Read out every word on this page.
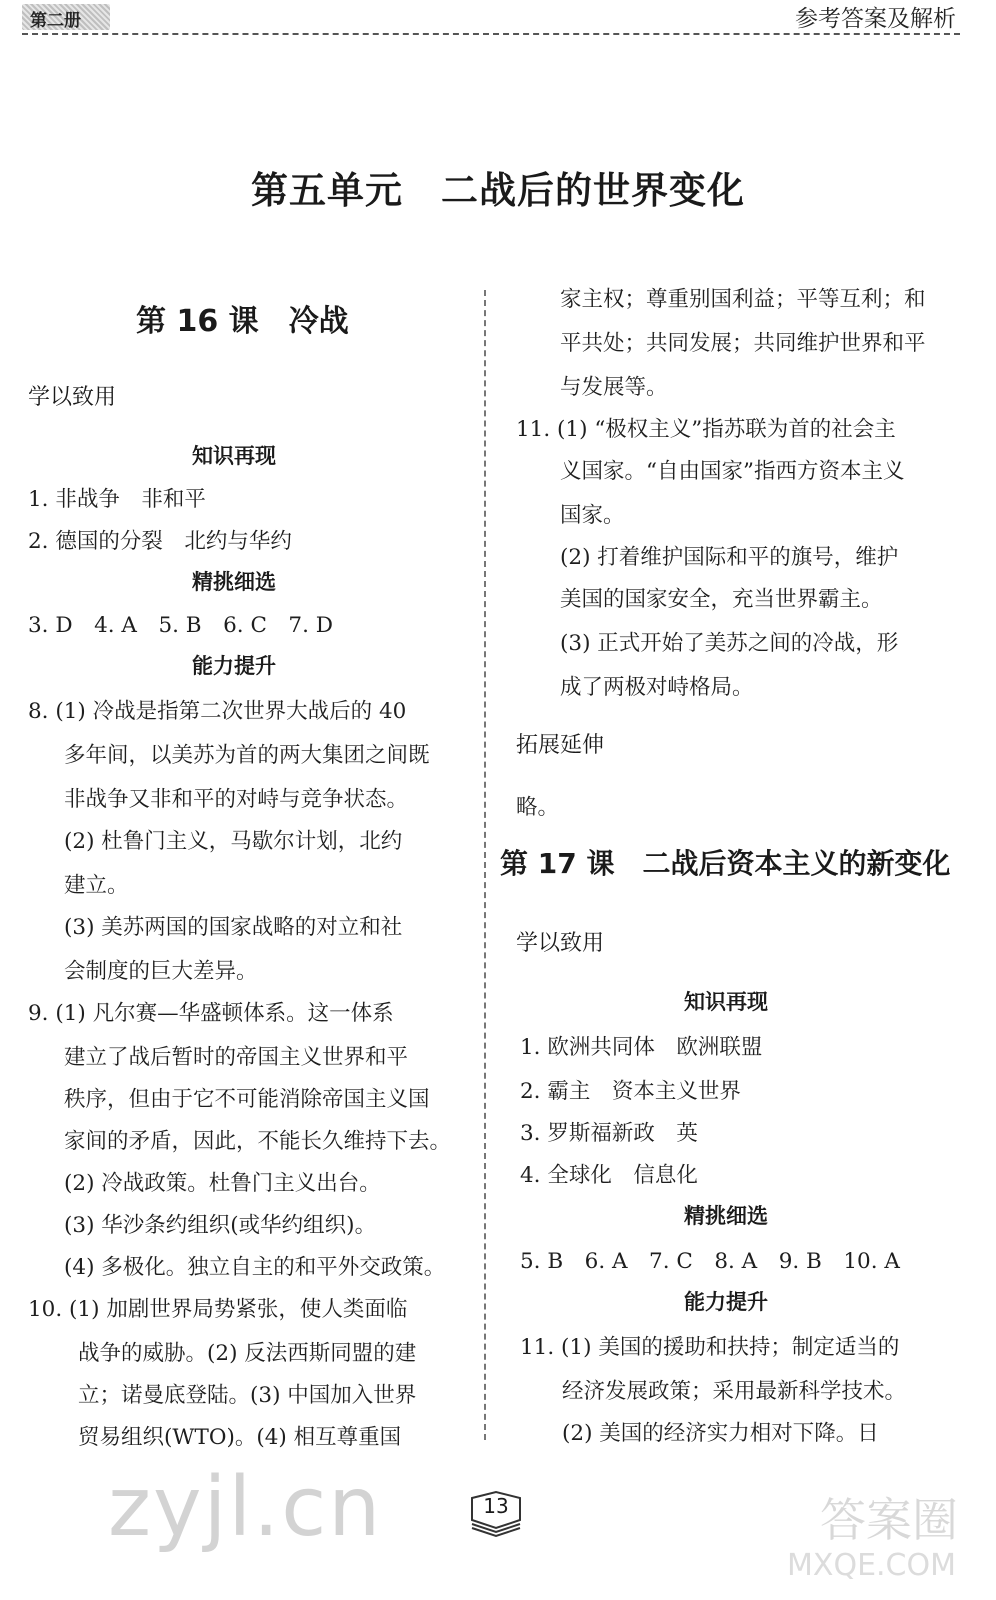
第二册	参考答案及解析
第五单元　二战后的世界变化
第 16 课　冷战
学以致用
知识再现
1. 非战争　非和平
2. 德国的分裂　北约与华约
精挑细选
3. D　4. A　5. B　6. C　7. D
能力提升
8. (1) 冷战是指第二次世界大战后的 40
多年间，以美苏为首的两大集团之间既
非战争又非和平的对峙与竞争状态。
(2) 杜鲁门主义，马歇尔计划，北约
建立。
(3) 美苏两国的国家战略的对立和社
会制度的巨大差异。
9. (1) 凡尔赛—华盛顿体系。这一体系
建立了战后暂时的帝国主义世界和平
秩序，但由于它不可能消除帝国主义国
家间的矛盾，因此，不能长久维持下去。
(2) 冷战政策。杜鲁门主义出台。
(3) 华沙条约组织(或华约组织)。
(4) 多极化。独立自主的和平外交政策。
10. (1) 加剧世界局势紧张，使人类面临
战争的威胁。(2) 反法西斯同盟的建
立；诺曼底登陆。(3) 中国加入世界
贸易组织(WTO)。(4) 相互尊重国
家主权；尊重别国利益；平等互利；和
平共处；共同发展；共同维护世界和平
与发展等。
11. (1) “极权主义”指苏联为首的社会主
义国家。“自由国家”指西方资本主义
国家。
(2) 打着维护国际和平的旗号，维护
美国的国家安全，充当世界霸主。
(3) 正式开始了美苏之间的冷战，形
成了两极对峙格局。
拓展延伸
略。
第 17 课　二战后资本主义的新变化
学以致用
知识再现
1. 欧洲共同体　欧洲联盟
2. 霸主　资本主义世界
3. 罗斯福新政　英
4. 全球化　信息化
精挑细选
5. B　6. A　7. C　8. A　9. B　10. A
能力提升
11. (1) 美国的援助和扶持；制定适当的
经济发展政策；采用最新科学技术。
(2) 美国的经济实力相对下降。日
13
zyjl.cn	答案圈
MXQE.COM
